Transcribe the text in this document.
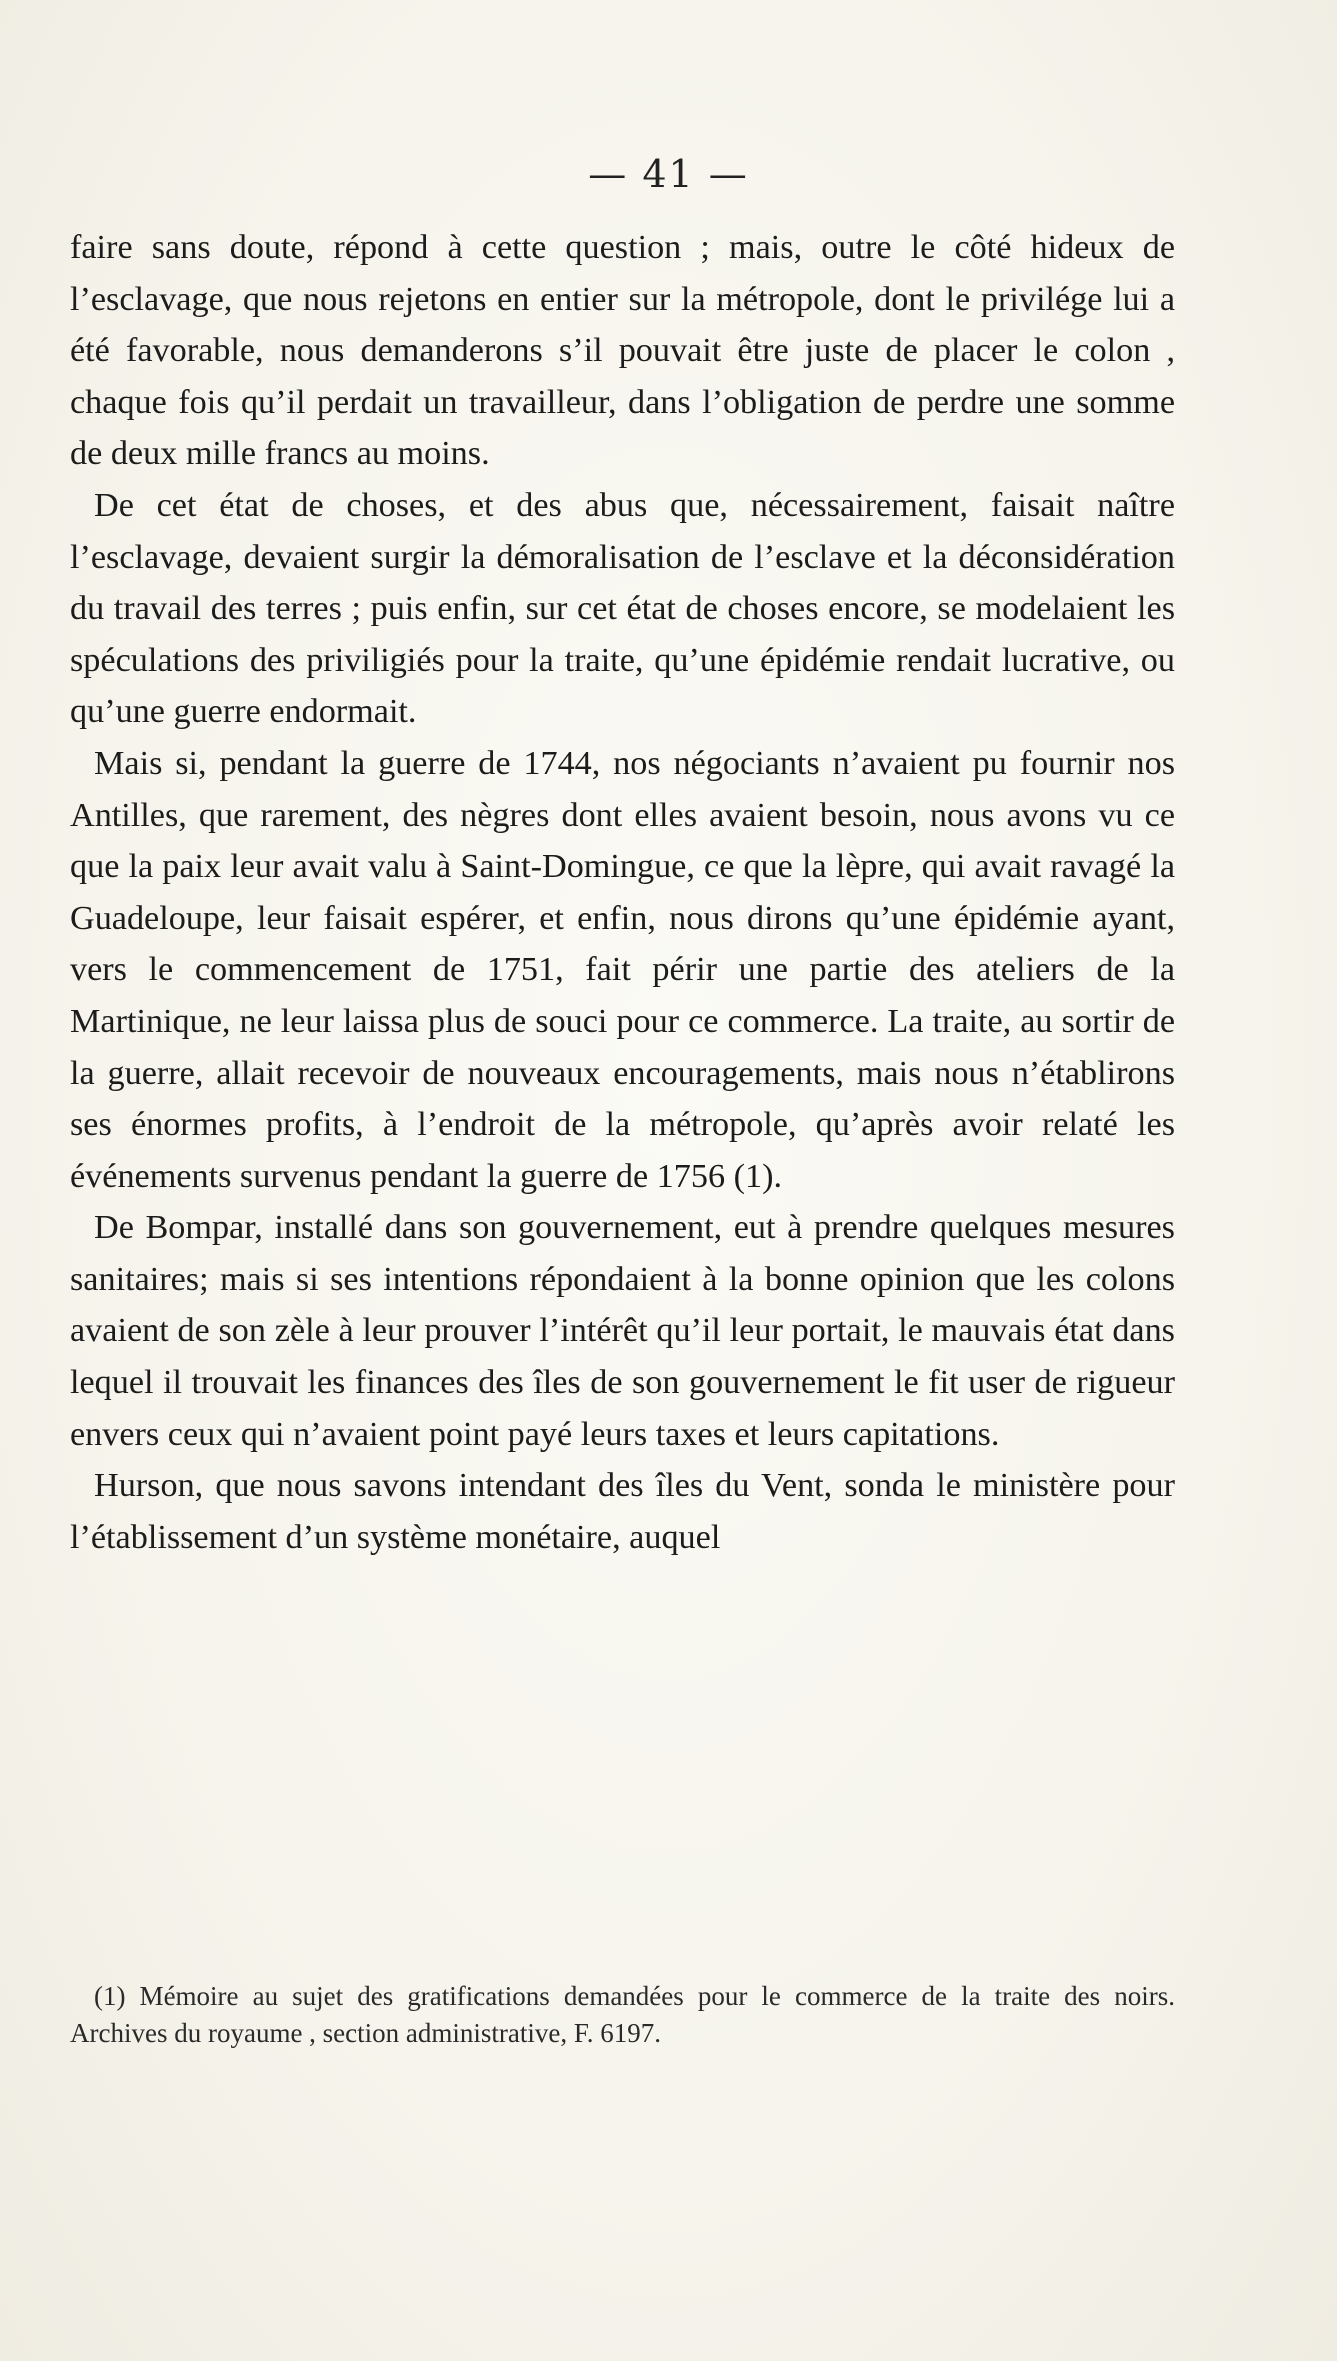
— 41 —

faire sans doute, répond à cette question ; mais, outre le côté hideux de l’esclavage, que nous rejetons en entier sur la métropole, dont le privilége lui a été favorable, nous demanderons s’il pouvait être juste de placer le colon , chaque fois qu’il perdait un travailleur, dans l’obligation de perdre une somme de deux mille francs au moins.

De cet état de choses, et des abus que, nécessairement, faisait naître l’esclavage, devaient surgir la démoralisation de l’esclave et la déconsidération du travail des terres ; puis enfin, sur cet état de choses encore, se modelaient les spéculations des priviligiés pour la traite, qu’une épidémie rendait lucrative, ou qu’une guerre endormait.

Mais si, pendant la guerre de 1744, nos négociants n’avaient pu fournir nos Antilles, que rarement, des nègres dont elles avaient besoin, nous avons vu ce que la paix leur avait valu à Saint-Domingue, ce que la lèpre, qui avait ravagé la Guadeloupe, leur faisait espérer, et enfin, nous dirons qu’une épidémie ayant, vers le commencement de 1751, fait périr une partie des ateliers de la Martinique, ne leur laissa plus de souci pour ce commerce. La traite, au sortir de la guerre, allait recevoir de nouveaux encouragements, mais nous n’établirons ses énormes profits, à l’endroit de la métropole, qu’après avoir relaté les événements survenus pendant la guerre de 1756 (1).

De Bompar, installé dans son gouvernement, eut à prendre quelques mesures sanitaires; mais si ses intentions répondaient à la bonne opinion que les colons avaient de son zèle à leur prouver l’intérêt qu’il leur portait, le mauvais état dans lequel il trouvait les finances des îles de son gouvernement le fit user de rigueur envers ceux qui n’avaient point payé leurs taxes et leurs capitations.

Hurson, que nous savons intendant des îles du Vent, sonda le ministère pour l’établissement d’un système monétaire, auquel

(1) Mémoire au sujet des gratifications demandées pour le commerce de la traite des noirs. Archives du royaume , section administrative, F. 6197.
